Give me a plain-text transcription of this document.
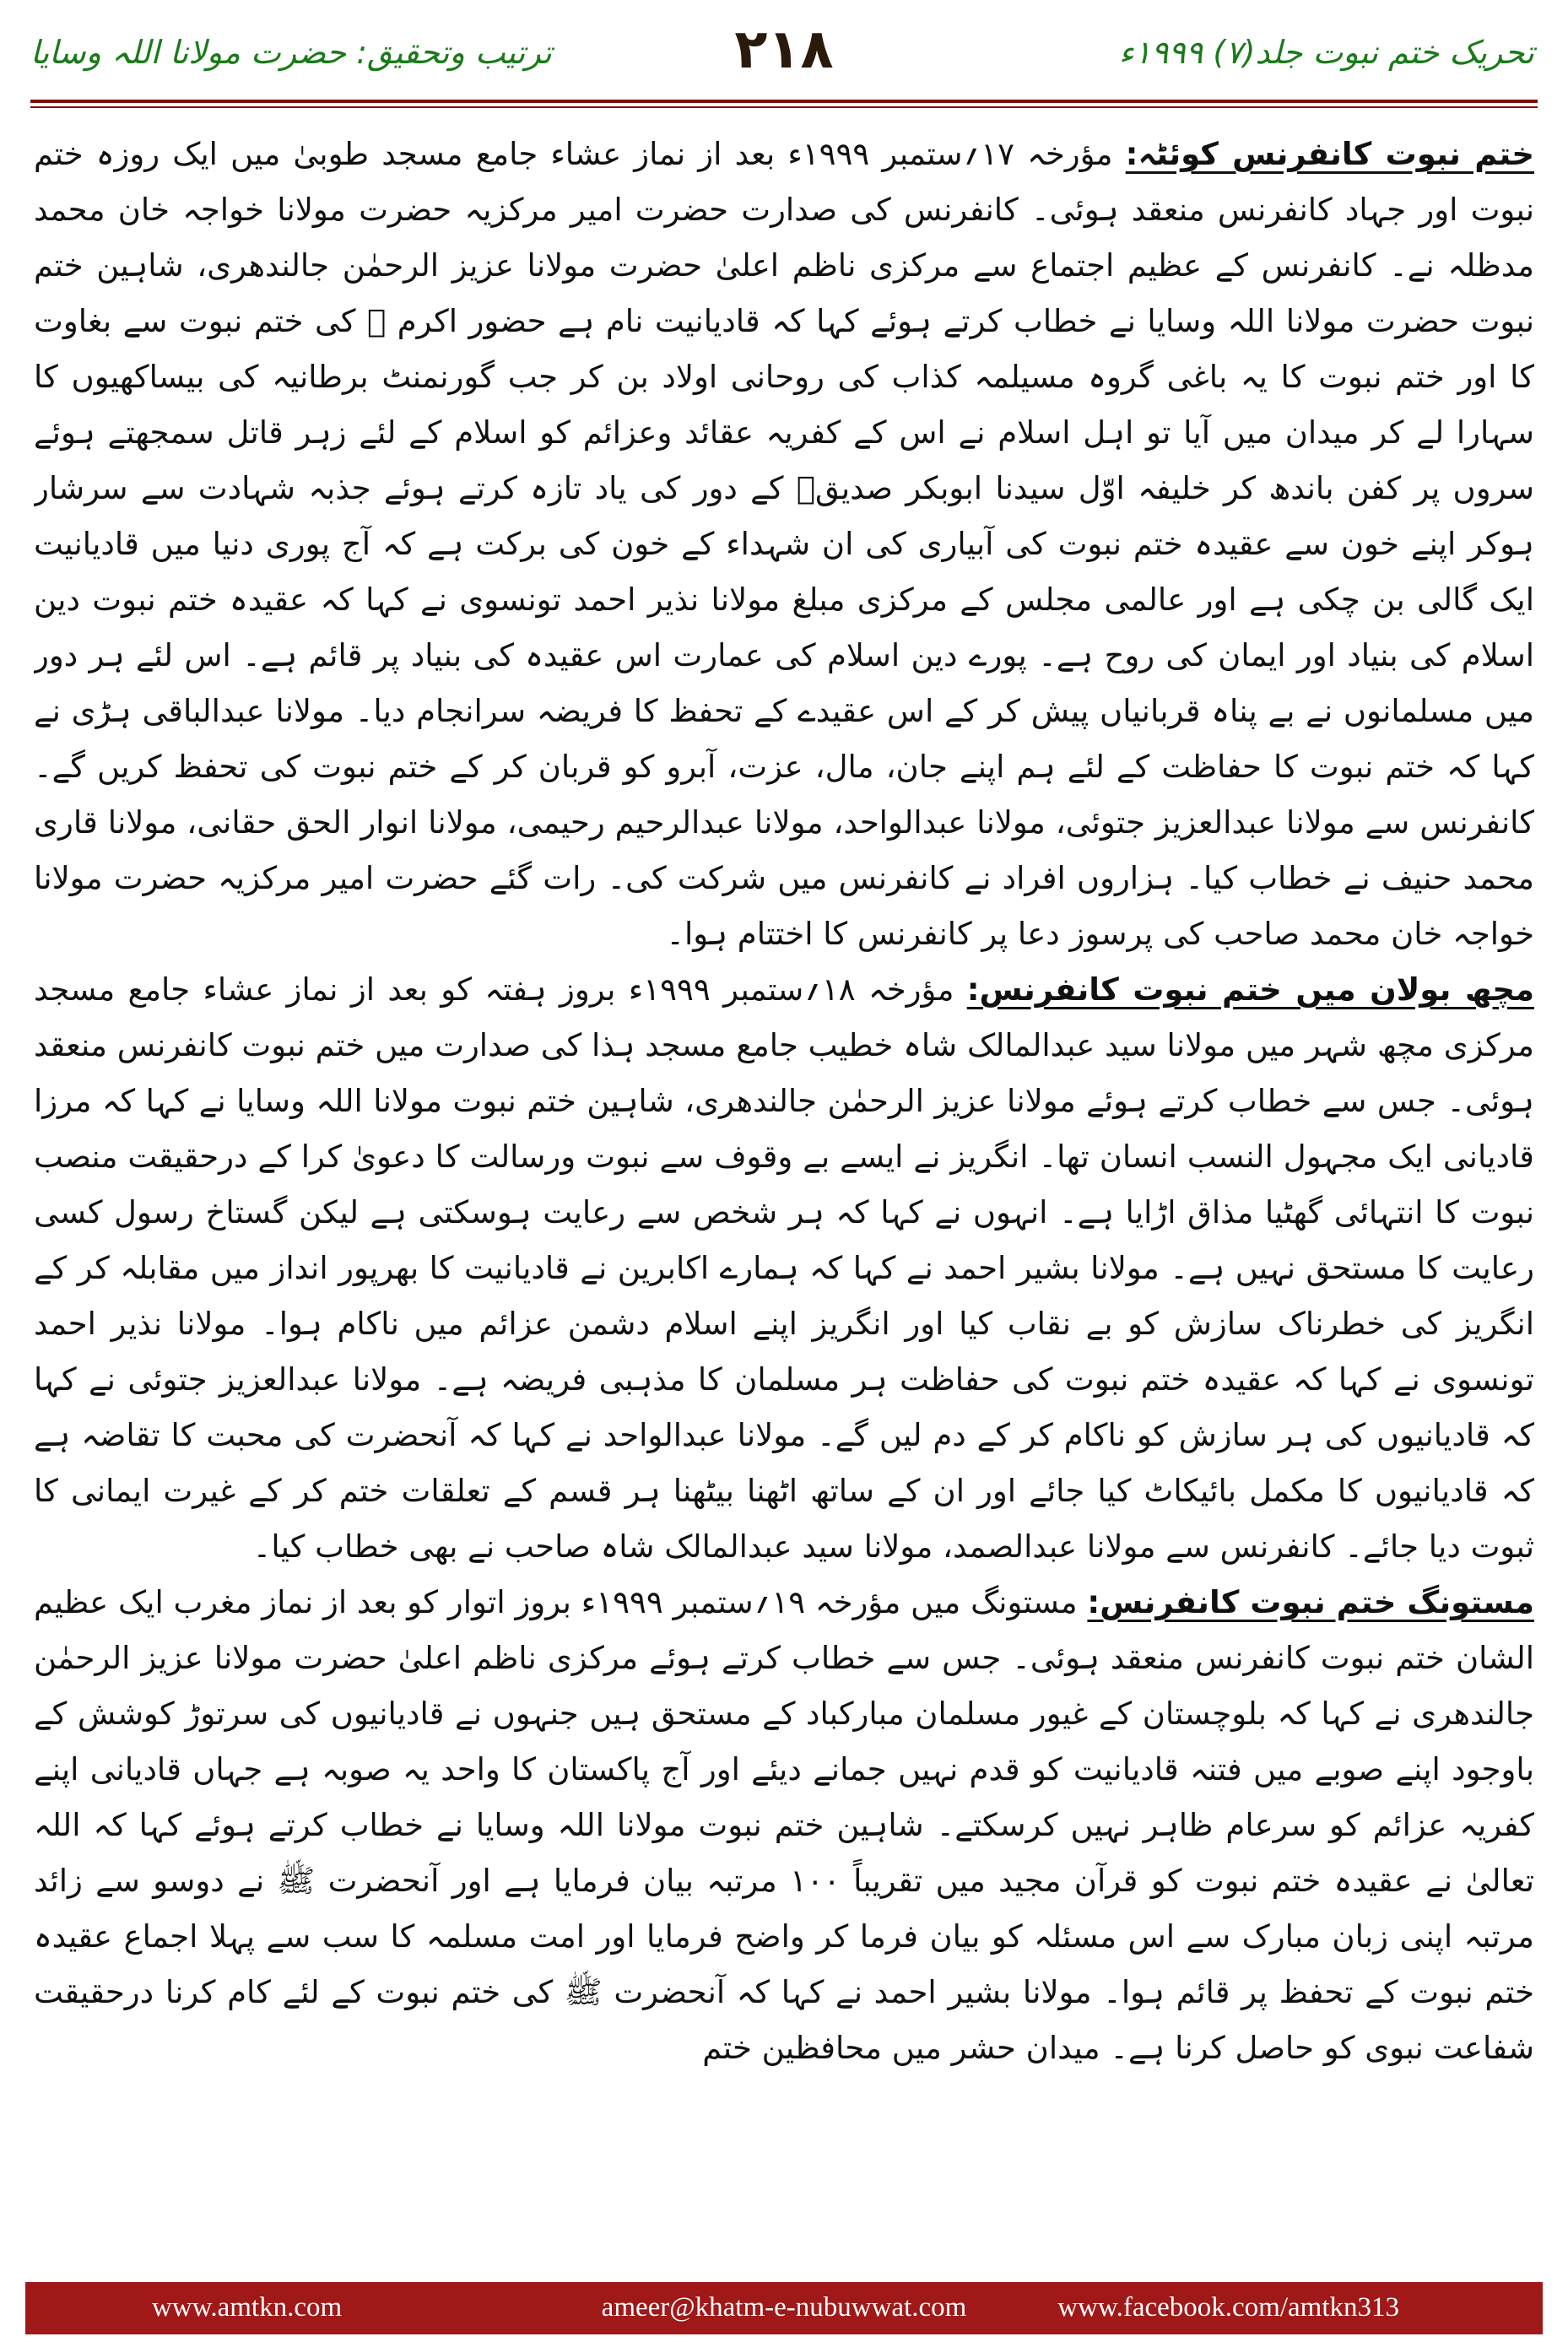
ترتیب وتحقیق: حضرت مولانا اللہ وسایا	۲۱۸	تحریک ختم نبوت جلد(۷) ۱۹۹۹ء

ختم نبوت کانفرنس کوئٹہ: مؤرخہ ۱۷؍ستمبر ۱۹۹۹ء بعد از نماز عشاء جامع مسجد طوبیٰ میں ایک روزہ ختم نبوت اور جہاد کانفرنس منعقد ہوئی۔ کانفرنس کی صدارت حضرت امیر مرکزیہ حضرت مولانا خواجہ خان محمد مدظلہ نے۔ کانفرنس کے عظیم اجتماع سے مرکزی ناظم اعلیٰ حضرت مولانا عزیز الرحمٰن جالندھری، شاہین ختم نبوت حضرت مولانا اللہ وسایا نے خطاب کرتے ہوئے کہا کہ قادیانیت نام ہے حضور اکرم ﷺ کی ختم نبوت سے بغاوت کا اور ختم نبوت کا یہ باغی گروہ مسیلمہ کذاب کی روحانی اولاد بن کر جب گورنمنٹ برطانیہ کی بیساکھیوں کا سہارا لے کر میدان میں آیا تو اہل اسلام نے اس کے کفریہ عقائد وعزائم کو اسلام کے لئے زہر قاتل سمجھتے ہوئے سروں پر کفن باندھ کر خلیفہ اوّل سیدنا ابوبکر صدیقؓ کے دور کی یاد تازہ کرتے ہوئے جذبہ شہادت سے سرشار ہوکر اپنے خون سے عقیدہ ختم نبوت کی آبیاری کی ان شہداء کے خون کی برکت ہے کہ آج پوری دنیا میں قادیانیت ایک گالی بن چکی ہے اور عالمی مجلس کے مرکزی مبلغ مولانا نذیر احمد تونسوی نے کہا کہ عقیدہ ختم نبوت دین اسلام کی بنیاد اور ایمان کی روح ہے۔ پورے دین اسلام کی عمارت اس عقیدہ کی بنیاد پر قائم ہے۔ اس لئے ہر دور میں مسلمانوں نے بے پناہ قربانیاں پیش کر کے اس عقیدے کے تحفظ کا فریضہ سرانجام دیا۔ مولانا عبدالباقی ہڑی نے کہا کہ ختم نبوت کا حفاظت کے لئے ہم اپنے جان، مال، عزت، آبرو کو قربان کر کے ختم نبوت کی تحفظ کریں گے۔ کانفرنس سے مولانا عبدالعزیز جتوئی، مولانا عبدالواحد، مولانا عبدالرحیم رحیمی، مولانا انوار الحق حقانی، مولانا قاری محمد حنیف نے خطاب کیا۔ ہزاروں افراد نے کانفرنس میں شرکت کی۔ رات گئے حضرت امیر مرکزیہ حضرت مولانا خواجہ خان محمد صاحب کی پرسوز دعا پر کانفرنس کا اختتام ہوا۔

مچھ بولان میں ختم نبوت کانفرنس: مؤرخہ ۱۸؍ستمبر ۱۹۹۹ء بروز ہفتہ کو بعد از نماز عشاء جامع مسجد مرکزی مچھ شہر میں مولانا سید عبدالمالک شاہ خطیب جامع مسجد ہذا کی صدارت میں ختم نبوت کانفرنس منعقد ہوئی۔ جس سے خطاب کرتے ہوئے مولانا عزیز الرحمٰن جالندھری، شاہین ختم نبوت مولانا اللہ وسایا نے کہا کہ مرزا قادیانی ایک مجہول النسب انسان تھا۔ انگریز نے ایسے بے وقوف سے نبوت ورسالت کا دعویٰ کرا کے درحقیقت منصب نبوت کا انتہائی گھٹیا مذاق اڑایا ہے۔ انہوں نے کہا کہ ہر شخص سے رعایت ہوسکتی ہے لیکن گستاخ رسول کسی رعایت کا مستحق نہیں ہے۔ مولانا بشیر احمد نے کہا کہ ہمارے اکابرین نے قادیانیت کا بھرپور انداز میں مقابلہ کر کے انگریز کی خطرناک سازش کو بے نقاب کیا اور انگریز اپنے اسلام دشمن عزائم میں ناکام ہوا۔ مولانا نذیر احمد تونسوی نے کہا کہ عقیدہ ختم نبوت کی حفاظت ہر مسلمان کا مذہبی فریضہ ہے۔ مولانا عبدالعزیز جتوئی نے کہا کہ قادیانیوں کی ہر سازش کو ناکام کر کے دم لیں گے۔ مولانا عبدالواحد نے کہا کہ آنحضرت کی محبت کا تقاضہ ہے کہ قادیانیوں کا مکمل بائیکاٹ کیا جائے اور ان کے ساتھ اٹھنا بیٹھنا ہر قسم کے تعلقات ختم کر کے غیرت ایمانی کا ثبوت دیا جائے۔ کانفرنس سے مولانا عبدالصمد، مولانا سید عبدالمالک شاہ صاحب نے بھی خطاب کیا۔

مستونگ ختم نبوت کانفرنس: مستونگ میں مؤرخہ ۱۹؍ستمبر ۱۹۹۹ء بروز اتوار کو بعد از نماز مغرب ایک عظیم الشان ختم نبوت کانفرنس منعقد ہوئی۔ جس سے خطاب کرتے ہوئے مرکزی ناظم اعلیٰ حضرت مولانا عزیز الرحمٰن جالندھری نے کہا کہ بلوچستان کے غیور مسلمان مبارکباد کے مستحق ہیں جنہوں نے قادیانیوں کی سرتوڑ کوشش کے باوجود اپنے صوبے میں فتنہ قادیانیت کو قدم نہیں جمانے دیئے اور آج پاکستان کا واحد یہ صوبہ ہے جہاں قادیانی اپنے کفریہ عزائم کو سرعام ظاہر نہیں کرسکتے۔ شاہین ختم نبوت مولانا اللہ وسایا نے خطاب کرتے ہوئے کہا کہ اللہ تعالیٰ نے عقیدہ ختم نبوت کو قرآن مجید میں تقریباً ۱۰۰ مرتبہ بیان فرمایا ہے اور آنحضرت ﷺ نے دوسو سے زائد مرتبہ اپنی زبان مبارک سے اس مسئلہ کو بیان فرما کر واضح فرمایا اور امت مسلمہ کا سب سے پہلا اجماع عقیدہ ختم نبوت کے تحفظ پر قائم ہوا۔ مولانا بشیر احمد نے کہا کہ آنحضرت ﷺ کی ختم نبوت کے لئے کام کرنا درحقیقت شفاعت نبوی کو حاصل کرنا ہے۔ میدان حشر میں محافظین ختم

www.amtkn.com	ameer@khatm-e-nubuwwat.com	www.facebook.com/amtkn313
